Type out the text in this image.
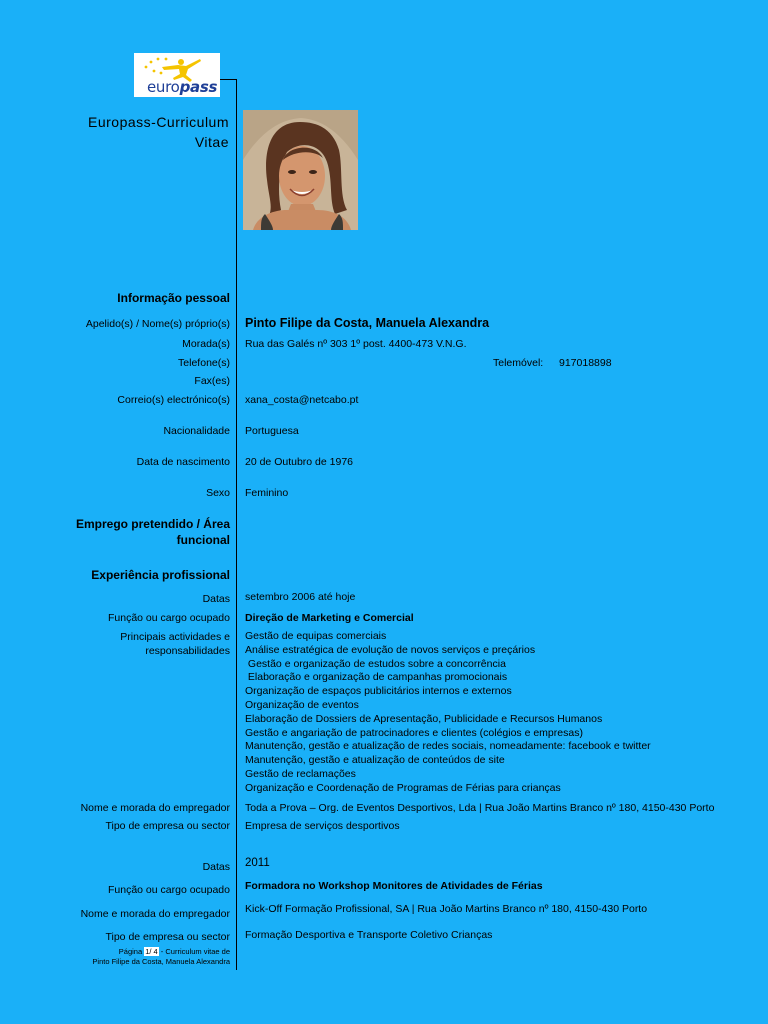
europass
Europass-Curriculum
Vitae
Informação pessoal
Apelido(s) / Nome(s) próprio(s) Pinto Filipe da Costa, Manuela Alexandra
Morada(s) Rua das Galés nº 303 1º post. 4400-473 V.N.G.
Telefone(s)	Telemóvel: 917018898
Fax(es)
Correio(s) electrónico(s) xana_costa@netcabo.pt
Nacionalidade Portuguesa
Data de nascimento 20 de Outubro de 1976
Sexo Feminino
Emprego pretendido / Área
funcional
Experiência profissional
Datas setembro 2006 até hoje
Função ou cargo ocupado Direção de Marketing e Comercial
Principais actividades e
responsabilidades
Gestão de equipas comerciais
Análise estratégica de evolução de novos serviços e preçários
Gestão e organização de estudos sobre a concorrência
Elaboração e organização de campanhas promocionais
Organização de espaços publicitários internos e externos
Organização de eventos
Elaboração de Dossiers de Apresentação, Publicidade e Recursos Humanos
Gestão e angariação de patrocinadores e clientes (colégios e empresas)
Manutenção, gestão e atualização de redes sociais, nomeadamente: facebook e twitter
Manutenção, gestão e atualização de conteúdos de site
Gestão de reclamações
Organização e Coordenação de Programas de Férias para crianças
Nome e morada do empregador Toda a Prova – Org. de Eventos Desportivos, Lda | Rua João Martins Branco nº 180, 4150-430 Porto
Tipo de empresa ou sector Empresa de serviços desportivos
Datas 2011
Função ou cargo ocupado Formadora no Workshop Monitores de Atividades de Férias
Nome e morada do empregador Kick-Off Formação Profissional, SA | Rua João Martins Branco nº 180, 4150-430 Porto
Tipo de empresa ou sector Formação Desportiva e Transporte Coletivo Crianças
Página 1/ 4 - Curriculum vitae de
Pinto Filipe da Costa, Manuela Alexandra
